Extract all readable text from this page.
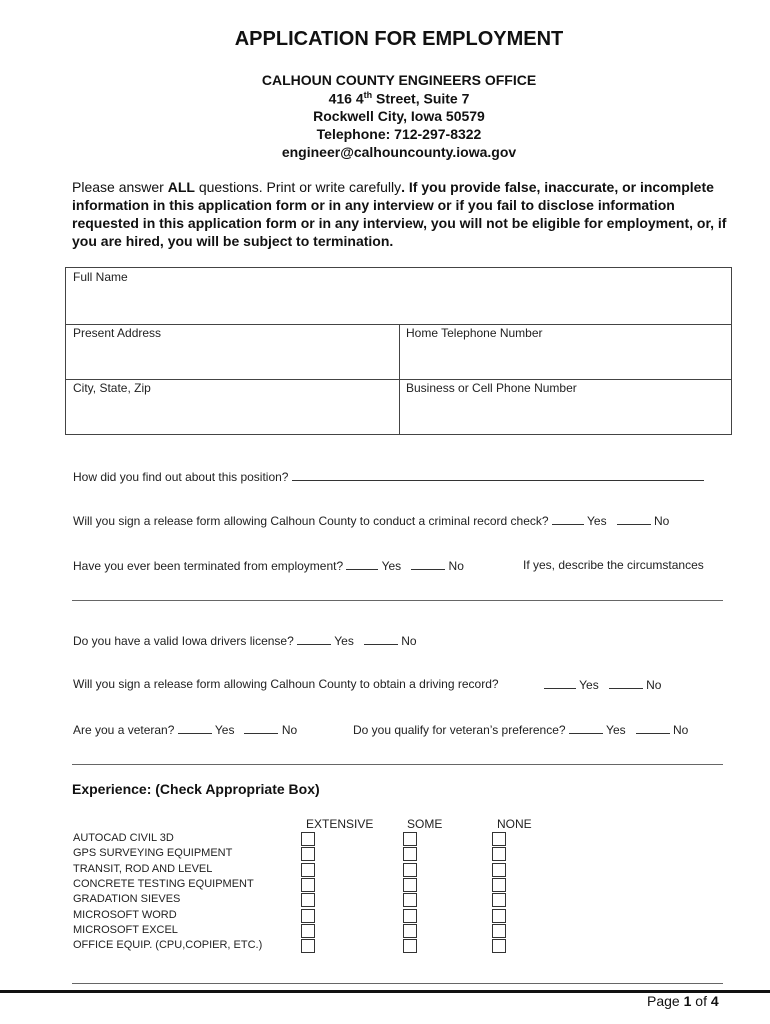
APPLICATION FOR EMPLOYMENT
CALHOUN COUNTY ENGINEERS OFFICE
416 4th Street, Suite 7
Rockwell City, Iowa 50579
Telephone: 712-297-8322
engineer@calhouncounty.iowa.gov
Please answer ALL questions. Print or write carefully. If you provide false, inaccurate, or incomplete information in this application form or in any interview or if you fail to disclose information requested in this application form or in any interview, you will not be eligible for employment, or, if you are hired, you will be subject to termination.
Full Name
Present Address	Home Telephone Number
City, State, Zip	Business or Cell Phone Number
How did you find out about this position?
Will you sign a release form allowing Calhoun County to conduct a criminal record check?	Yes	No
Have you ever been terminated from employment?	Yes	No	If yes, describe the circumstances
Do you have a valid Iowa drivers license?	Yes	No
Will you sign a release form allowing Calhoun County to obtain a driving record?	Yes	No
Are you a veteran?	Yes	No	Do you qualify for veteran’s preference?	Yes	No
Experience: (Check Appropriate Box)
EXTENSIVE	SOME	NONE
AUTOCAD CIVIL 3D
GPS SURVEYING EQUIPMENT
TRANSIT, ROD AND LEVEL
CONCRETE TESTING EQUIPMENT
GRADATION SIEVES
MICROSOFT WORD
MICROSOFT EXCEL
OFFICE EQUIP. (CPU,COPIER, ETC.)
Page 1 of 4
